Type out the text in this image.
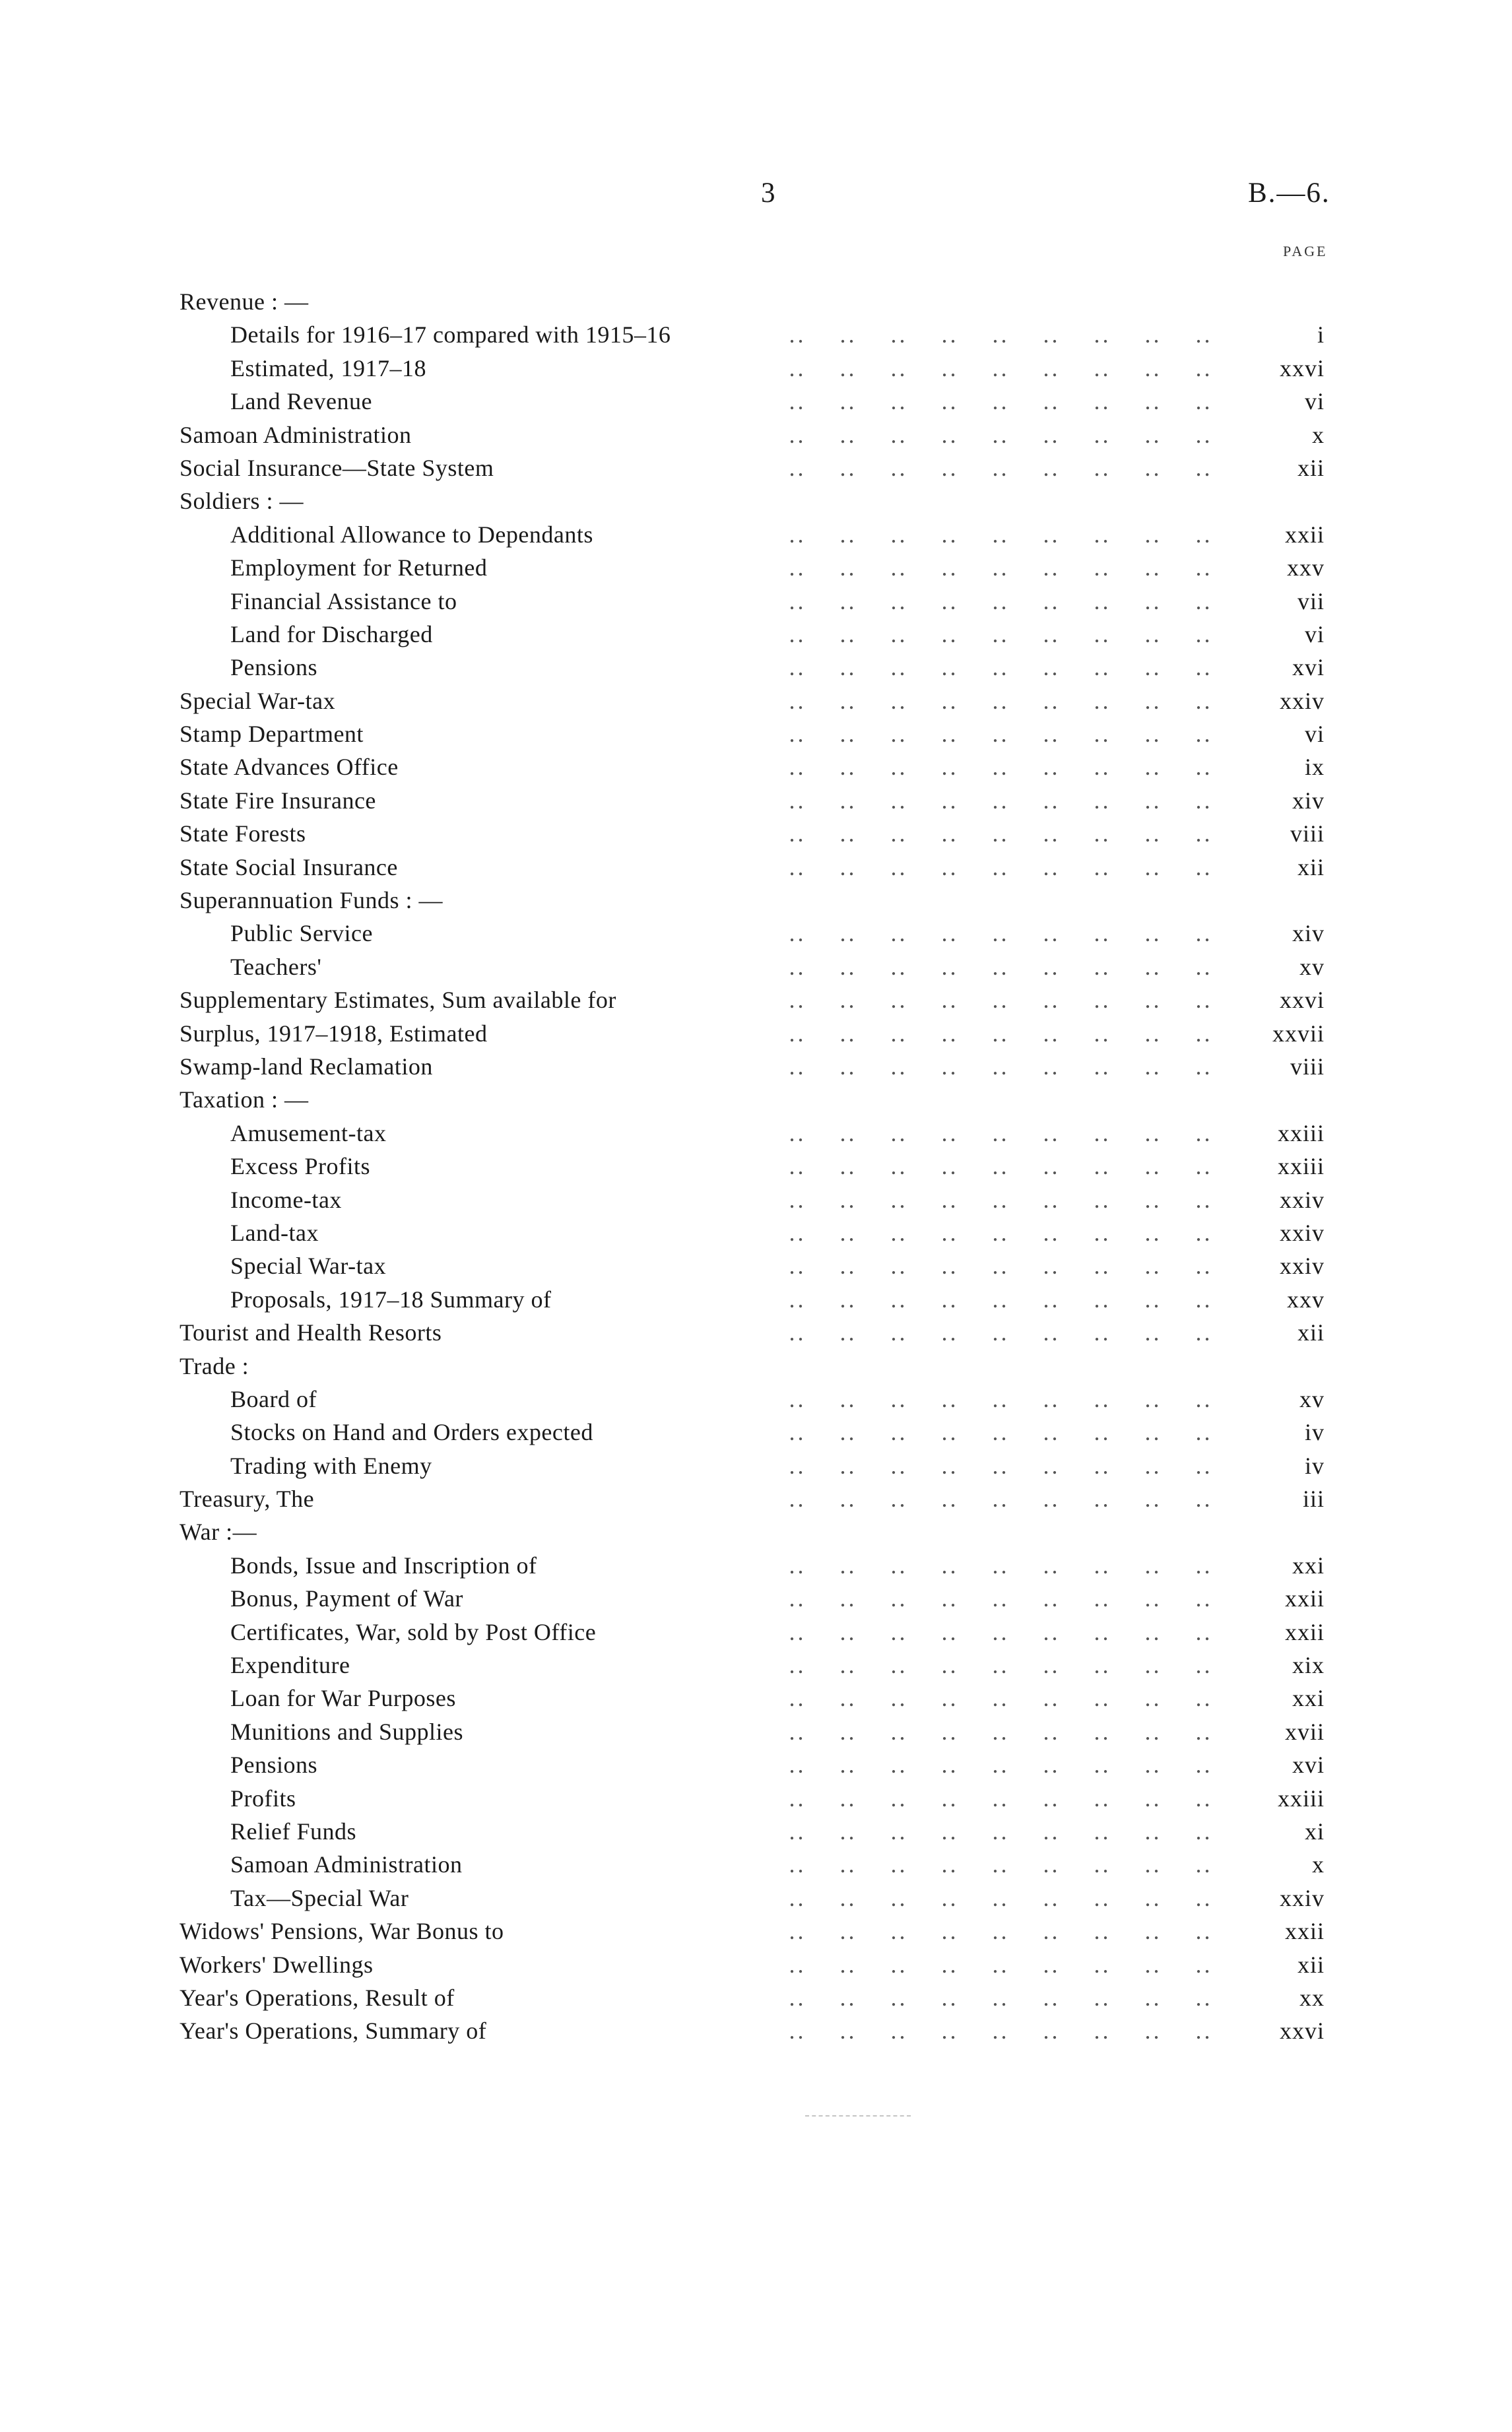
3	B.—6.
PAGE
Revenue : —
Details for 1916–17 compared with 1915–16	.. .. .. .. .. .. .. .. ..	i
Estimated, 1917–18	.. .. .. .. .. .. .. .. ..	xxvi
Land Revenue	.. .. .. .. .. .. .. .. ..	vi
Samoan Administration	.. .. .. .. .. .. .. .. ..	x
Social Insurance—State System	.. .. .. .. .. .. .. .. ..	xii
Soldiers : —
Additional Allowance to Dependants	.. .. .. .. .. .. .. .. ..	xxii
Employment for Returned	.. .. .. .. .. .. .. .. ..	xxv
Financial Assistance to	.. .. .. .. .. .. .. .. ..	vii
Land for Discharged	.. .. .. .. .. .. .. .. ..	vi
Pensions	.. .. .. .. .. .. .. .. ..	xvi
Special War-tax	.. .. .. .. .. .. .. .. ..	xxiv
Stamp Department	.. .. .. .. .. .. .. .. ..	vi
State Advances Office	.. .. .. .. .. .. .. .. ..	ix
State Fire Insurance	.. .. .. .. .. .. .. .. ..	xiv
State Forests	.. .. .. .. .. .. .. .. ..	viii
State Social Insurance	.. .. .. .. .. .. .. .. ..	xii
Superannuation Funds : —
Public Service	.. .. .. .. .. .. .. .. ..	xiv
Teachers'	.. .. .. .. .. .. .. .. ..	xv
Supplementary Estimates, Sum available for	.. .. .. .. .. .. .. .. ..	xxvi
Surplus, 1917–1918, Estimated	.. .. .. .. .. .. .. .. ..	xxvii
Swamp-land Reclamation	.. .. .. .. .. .. .. .. ..	viii
Taxation : —
Amusement-tax	.. .. .. .. .. .. .. .. ..	xxiii
Excess Profits	.. .. .. .. .. .. .. .. ..	xxiii
Income-tax	.. .. .. .. .. .. .. .. ..	xxiv
Land-tax	.. .. .. .. .. .. .. .. ..	xxiv
Special War-tax	.. .. .. .. .. .. .. .. ..	xxiv
Proposals, 1917–18 Summary of	.. .. .. .. .. .. .. .. ..	xxv
Tourist and Health Resorts	.. .. .. .. .. .. .. .. ..	xii
Trade :
Board of	.. .. .. .. .. .. .. .. ..	xv
Stocks on Hand and Orders expected	.. .. .. .. .. .. .. .. ..	iv
Trading with Enemy	.. .. .. .. .. .. .. .. ..	iv
Treasury, The	.. .. .. .. .. .. .. .. ..	iii
War :—
Bonds, Issue and Inscription of	.. .. .. .. .. .. .. .. ..	xxi
Bonus, Payment of War	.. .. .. .. .. .. .. .. ..	xxii
Certificates, War, sold by Post Office	.. .. .. .. .. .. .. .. ..	xxii
Expenditure	.. .. .. .. .. .. .. .. ..	xix
Loan for War Purposes	.. .. .. .. .. .. .. .. ..	xxi
Munitions and Supplies	.. .. .. .. .. .. .. .. ..	xvii
Pensions	.. .. .. .. .. .. .. .. ..	xvi
Profits	.. .. .. .. .. .. .. .. ..	xxiii
Relief Funds	.. .. .. .. .. .. .. .. ..	xi
Samoan Administration	.. .. .. .. .. .. .. .. ..	x
Tax—Special War	.. .. .. .. .. .. .. .. ..	xxiv
Widows' Pensions, War Bonus to	.. .. .. .. .. .. .. .. ..	xxii
Workers' Dwellings	.. .. .. .. .. .. .. .. ..	xii
Year's Operations, Result of	.. .. .. .. .. .. .. .. ..	xx
Year's Operations, Summary of	.. .. .. .. .. .. .. .. ..	xxvi
